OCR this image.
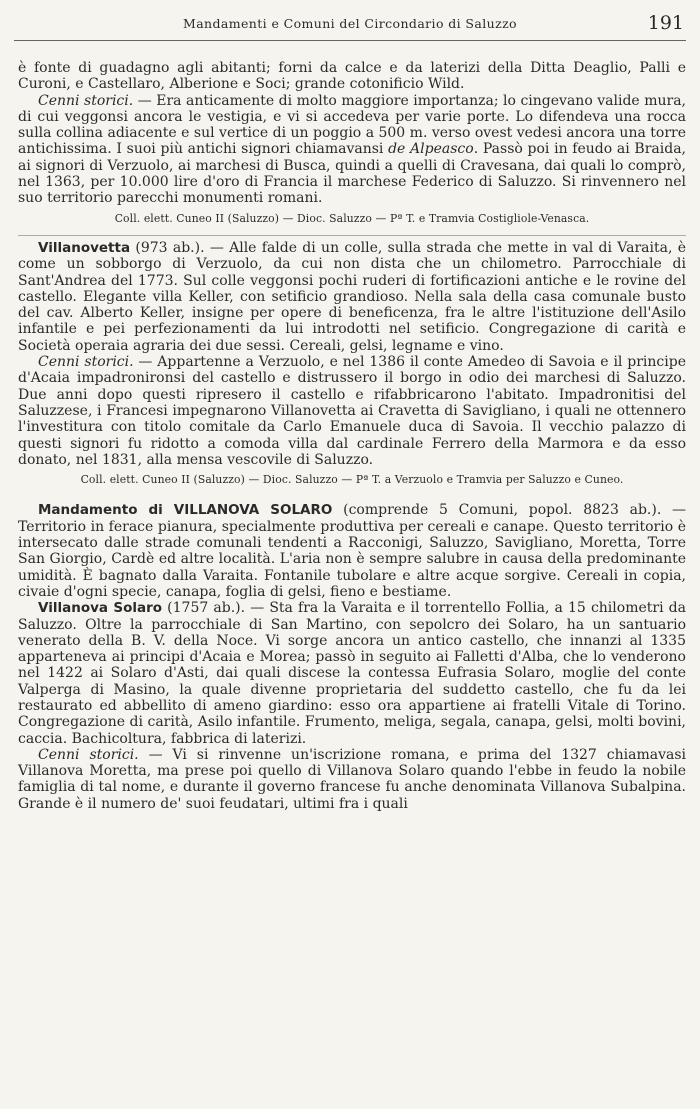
Mandamenti e Comuni del Circondario di Saluzzo	191

è fonte di guadagno agli abitanti; forni da calce e da laterizi della Ditta Deaglio, Palli e Curoni, e Castellaro, Alberione e Soci; grande cotonificio Wild.

Cenni storici. — Era anticamente di molto maggiore importanza; lo cingevano valide mura, di cui veggonsi ancora le vestigia, e vi si accedeva per varie porte. Lo difendeva una rocca sulla collina adiacente e sul vertice di un poggio a 500 m. verso ovest vedesi ancora una torre antichissima. I suoi più antichi signori chiamavansi de Alpeasco. Passò poi in feudo ai Braida, ai signori di Verzuolo, ai marchesi di Busca, quindi a quelli di Cravesana, dai quali lo comprò, nel 1363, per 10.000 lire d'oro di Francia il marchese Federico di Saluzzo. Si rinvennero nel suo territorio parecchi monumenti romani.

Coll. elett. Cuneo II (Saluzzo) — Dioc. Saluzzo — Pª T. e Tramvia Costigliole-Venasca.

Villanovetta (973 ab.). — Alle falde di un colle, sulla strada che mette in val di Varaita, è come un sobborgo di Verzuolo, da cui non dista che un chilometro. Parrocchiale di Sant'Andrea del 1773. Sul colle veggonsi pochi ruderi di fortificazioni antiche e le rovine del castello. Elegante villa Keller, con setificio grandioso. Nella sala della casa comunale busto del cav. Alberto Keller, insigne per opere di beneficenza, fra le altre l'istituzione dell'Asilo infantile e pei perfezionamenti da lui introdotti nel setificio. Congregazione di carità e Società operaia agraria dei due sessi. Cereali, gelsi, legname e vino.

Cenni storici. — Appartenne a Verzuolo, e nel 1386 il conte Amedeo di Savoia e il principe d'Acaia impadronironsi del castello e distrussero il borgo in odio dei marchesi di Saluzzo. Due anni dopo questi ripresero il castello e rifabbricarono l'abitato. Impadronitisi del Saluzzese, i Francesi impegnarono Villanovetta ai Cravetta di Savigliano, i quali ne ottennero l'investitura con titolo comitale da Carlo Emanuele duca di Savoia. Il vecchio palazzo di questi signori fu ridotto a comoda villa dal cardinale Ferrero della Marmora e da esso donato, nel 1831, alla mensa vescovile di Saluzzo.

Coll. elett. Cuneo II (Saluzzo) — Dioc. Saluzzo — Pª T. a Verzuolo e Tramvia per Saluzzo e Cuneo.

Mandamento di VILLANOVA SOLARO (comprende 5 Comuni, popol. 8823 ab.). — Territorio in ferace pianura, specialmente produttiva per cereali e canape. Questo territorio è intersecato dalle strade comunali tendenti a Racconigi, Saluzzo, Savigliano, Moretta, Torre San Giorgio, Cardè ed altre località. L'aria non è sempre salubre in causa della predominante umidità. È bagnato dalla Varaita. Fontanile tubolare e altre acque sorgive. Cereali in copia, civaie d'ogni specie, canapa, foglia di gelsi, fieno e bestiame.

Villanova Solaro (1757 ab.). — Sta fra la Varaita e il torrentello Follia, a 15 chilometri da Saluzzo. Oltre la parrocchiale di San Martino, con sepolcro dei Solaro, ha un santuario venerato della B. V. della Noce. Vi sorge ancora un antico castello, che innanzi al 1335 apparteneva ai principi d'Acaia e Morea; passò in seguito ai Falletti d'Alba, che lo venderono nel 1422 ai Solaro d'Asti, dai quali discese la contessa Eufrasia Solaro, moglie del conte Valperga di Masino, la quale divenne proprietaria del suddetto castello, che fu da lei restaurato ed abbellito di ameno giardino: esso ora appartiene ai fratelli Vitale di Torino. Congregazione di carità, Asilo infantile. Frumento, meliga, segala, canapa, gelsi, molti bovini, caccia. Bachicoltura, fabbrica di laterizi.

Cenni storici. — Vi si rinvenne un'iscrizione romana, e prima del 1327 chiamavasi Villanova Moretta, ma prese poi quello di Villanova Solaro quando l'ebbe in feudo la nobile famiglia di tal nome, e durante il governo francese fu anche denominata Villanova Subalpina. Grande è il numero de' suoi feudatari, ultimi fra i quali
